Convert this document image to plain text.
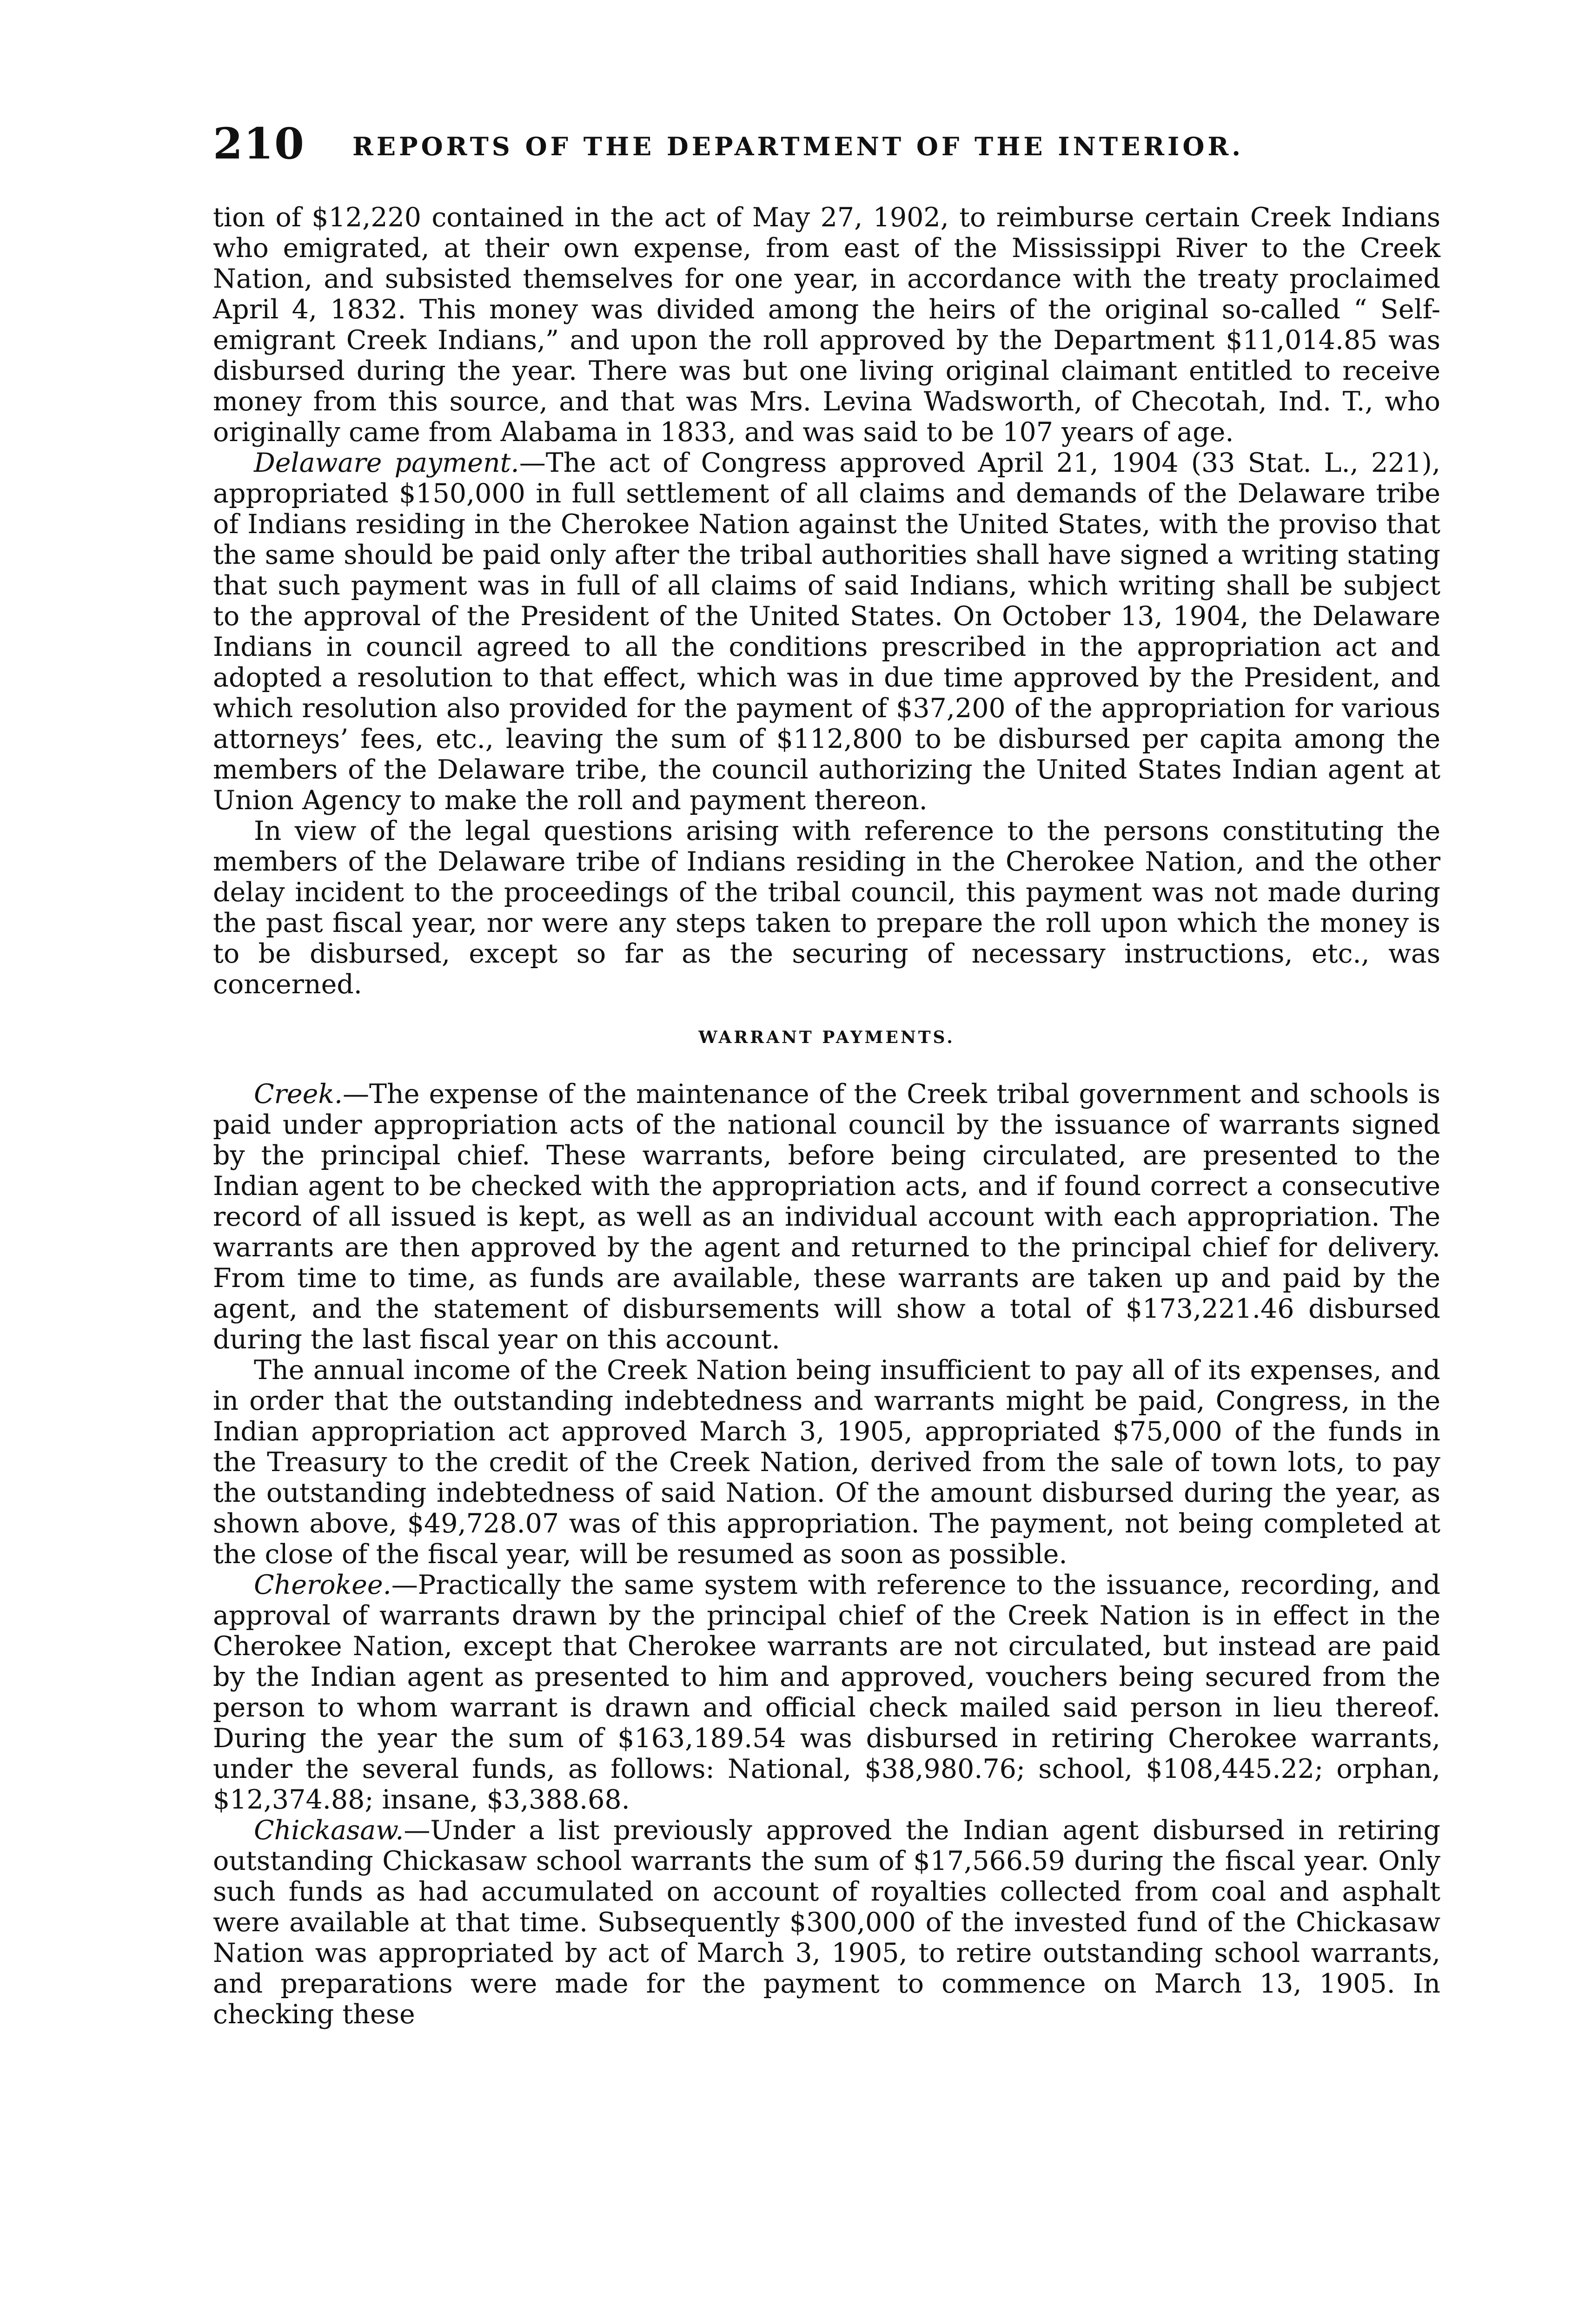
210 REPORTS OF THE DEPARTMENT OF THE INTERIOR.

tion of $12,220 contained in the act of May 27, 1902, to reimburse certain Creek Indians who emigrated, at their own expense, from east of the Mississippi River to the Creek Nation, and subsisted themselves for one year, in accordance with the treaty proclaimed April 4, 1832. This money was divided among the heirs of the original so-called “ Self-emigrant Creek Indians,” and upon the roll approved by the Department $11,014.85 was disbursed during the year. There was but one living original claimant entitled to receive money from this source, and that was Mrs. Levina Wadsworth, of Checotah, Ind. T., who originally came from Alabama in 1833, and was said to be 107 years of age.

Delaware payment.—The act of Congress approved April 21, 1904 (33 Stat. L., 221), appropriated $150,000 in full settlement of all claims and demands of the Delaware tribe of Indians residing in the Cherokee Nation against the United States, with the proviso that the same should be paid only after the tribal authorities shall have signed a writing stating that such payment was in full of all claims of said Indians, which writing shall be subject to the approval of the President of the United States. On October 13, 1904, the Delaware Indians in council agreed to all the conditions prescribed in the appropriation act and adopted a resolution to that effect, which was in due time approved by the President, and which resolution also provided for the payment of $37,200 of the appropriation for various attorneys’ fees, etc., leaving the sum of $112,800 to be disbursed per capita among the members of the Delaware tribe, the council authorizing the United States Indian agent at Union Agency to make the roll and payment thereon.

In view of the legal questions arising with reference to the persons constituting the members of the Delaware tribe of Indians residing in the Cherokee Nation, and the other delay incident to the proceedings of the tribal council, this payment was not made during the past fiscal year, nor were any steps taken to prepare the roll upon which the money is to be disbursed, except so far as the securing of necessary instructions, etc., was concerned.

WARRANT PAYMENTS.

Creek.—The expense of the maintenance of the Creek tribal government and schools is paid under appropriation acts of the national council by the issuance of warrants signed by the principal chief. These warrants, before being circulated, are presented to the Indian agent to be checked with the appropriation acts, and if found correct a consecutive record of all issued is kept, as well as an individual account with each appropriation. The warrants are then approved by the agent and returned to the principal chief for delivery. From time to time, as funds are available, these warrants are taken up and paid by the agent, and the statement of disbursements will show a total of $173,221.46 disbursed during the last fiscal year on this account.

The annual income of the Creek Nation being insufficient to pay all of its expenses, and in order that the outstanding indebtedness and warrants might be paid, Congress, in the Indian appropriation act approved March 3, 1905, appropriated $75,000 of the funds in the Treasury to the credit of the Creek Nation, derived from the sale of town lots, to pay the outstanding indebtedness of said Nation. Of the amount disbursed during the year, as shown above, $49,728.07 was of this appropriation. The payment, not being completed at the close of the fiscal year, will be resumed as soon as possible.

Cherokee.—Practically the same system with reference to the issuance, recording, and approval of warrants drawn by the principal chief of the Creek Nation is in effect in the Cherokee Nation, except that Cherokee warrants are not circulated, but instead are paid by the Indian agent as presented to him and approved, vouchers being secured from the person to whom warrant is drawn and official check mailed said person in lieu thereof. During the year the sum of $163,189.54 was disbursed in retiring Cherokee warrants, under the several funds, as follows: National, $38,980.76; school, $108,445.22; orphan, $12,374.88; insane, $3,388.68.

Chickasaw.—Under a list previously approved the Indian agent disbursed in retiring outstanding Chickasaw school warrants the sum of $17,566.59 during the fiscal year. Only such funds as had accumulated on account of royalties collected from coal and asphalt were available at that time. Subsequently $300,000 of the invested fund of the Chickasaw Nation was appropriated by act of March 3, 1905, to retire outstanding school warrants, and preparations were made for the payment to commence on March 13, 1905. In checking these
